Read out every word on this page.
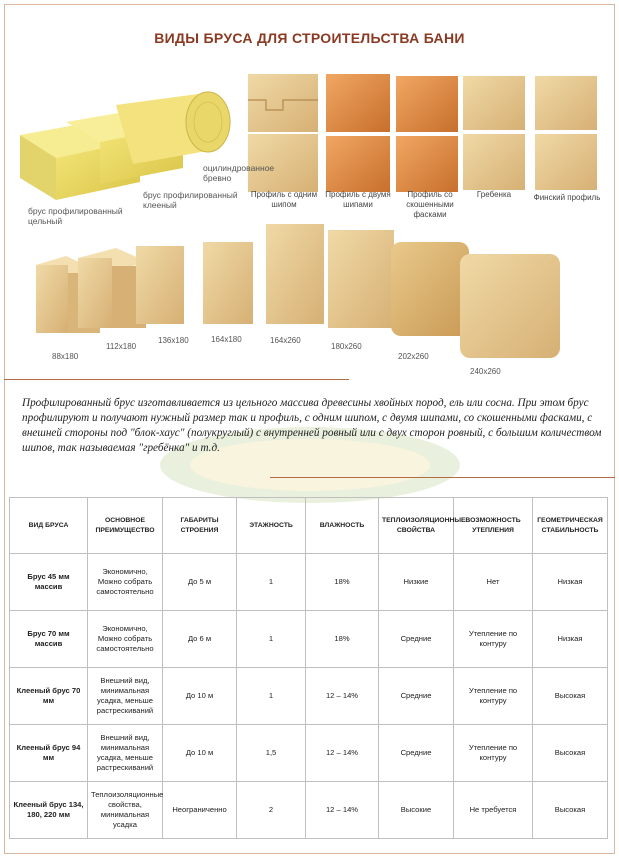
ВИДЫ БРУСА ДЛЯ СТРОИТЕЛЬСТВА БАНИ
брус профилированный
цельный
брус профилированный
клееный
оцилиндрованное
бревно
Профиль с одним
шипом
Профиль с двумя
шипами
Профиль со
скошенными фасками
Гребенка	Финский профиль
88x180
112x180
136x180	164x180	164x260
180x260
202x260
240x260
Профилированный брус изготавливается из цельного массива древесины хвойных пород, ель или сосна. При этом брус профилируют и получают нужный размер так и профиль, с одним шипом, с двумя шипами, со скошенными фасками, с внешней стороны под "блок-хаус" (полукруглый) с внутренней ровный или с двух сторон ровный, с большим количеством шипов, так называемая "гребёнка" и т.д.
ВИД БРУСА	ОСНОВНОЕ ПРЕИМУЩЕСТВО	ГАБАРИТЫ СТРОЕНИЯ	ЭТАЖНОСТЬ	ВЛАЖНОСТЬ	ТЕПЛОИЗОЛЯЦИОННЫЕ СВОЙСТВА	ВОЗМОЖНОСТЬ УТЕПЛЕНИЯ	ГЕОМЕТРИЧЕСКАЯ СТАБИЛЬНОСТЬ
Брус 45 мм массив	Экономично, Можно собрать самостоятельно	До 5 м	1	18%	Низкие	Нет	Низкая
Брус 70 мм массив	Экономично, Можно собрать самостоятельно	До 6 м	1	18%	Средние	Утепление по контуру	Низкая
Клееный брус 70 мм	Внешний вид, минимальная усадка, меньше растрескиваний	До 10 м	1	12 – 14%	Средние	Утепление по контуру	Высокая
Клееный брус 94 мм	Внешний вид, минимальная усадка, меньше растрескиваний	До 10 м	1,5	12 – 14%	Средние	Утепление по контуру	Высокая
Клееный брус 134, 180, 220 мм	Теплоизоляционные свойства, минимальная усадка	Неограниченно	2	12 – 14%	Высокие	Не требуется	Высокая
